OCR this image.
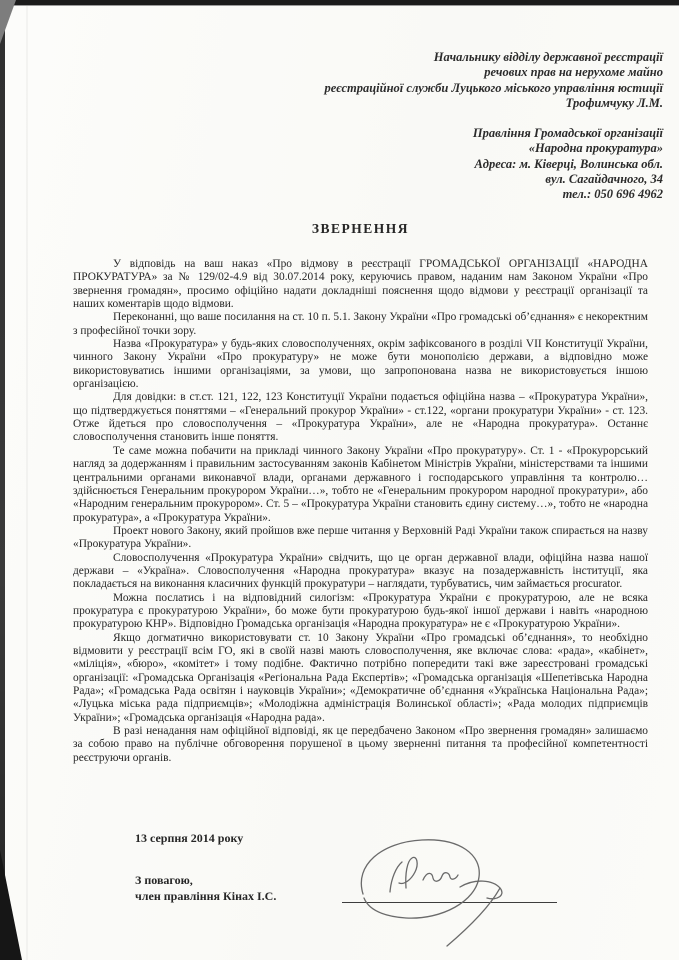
Начальнику відділу державної реєстрації
речових прав на нерухоме майно
реєстраційної служби Луцького міського управління юстиції
Трофимчуку Л.М.
Правління Громадської організації
«Народна прокуратура»
Адреса: м. Ківерці, Волинська обл.
вул. Сагайдачного, 34
тел.: 050 696 4962
ЗВЕРНЕННЯ

У відповідь на ваш наказ «Про відмову в реєстрації ГРОМАДСЬКОЇ ОРГАНІЗАЦІЇ «НАРОДНА ПРОКУРАТУРА» за № 129/02-4.9 від 30.07.2014 року, керуючись правом, наданим нам Законом України «Про звернення громадян», просимо офіційно надати докладніші пояснення щодо відмови у реєстрації організації та наших коментарів щодо відмови.

Переконанні, що ваше посилання на ст. 10 п. 5.1. Закону України «Про громадські об’єднання» є некоректним з професійної точки зору.

Назва «Прокуратура» у будь-яких словосполученнях, окрім зафіксованого в розділі VII Конституції України, чинного Закону України «Про прокуратуру» не може бути монополією держави, а відповідно може використовуватись іншими організаціями, за умови, що запропонована назва не використовується іншою організацією.

Для довідки: в ст.ст. 121, 122, 123 Конституції України подається офіційна назва – «Прокуратура України», що підтверджується поняттями – «Генеральний прокурор України» - ст.122, «органи прокуратури України» - ст. 123. Отже йдеться про словосполучення – «Прокуратура України», але не «Народна прокуратура». Останнє словосполучення становить інше поняття.

Те саме можна побачити на прикладі чинного Закону України «Про прокуратуру». Ст. 1 - «Прокурорський нагляд за додержанням і правильним застосуванням законів Кабінетом Міністрів України, міністерствами та іншими центральними органами виконавчої влади, органами державного і господарського управління та контролю…здійснюється Генеральним прокурором України…», тобто не «Генеральним прокурором народної прокуратури», або «Народним генеральним прокурором». Ст. 5 – «Прокуратура України становить єдину систему…», тобто не «народна прокуратура», а «Прокуратура України».

Проект нового Закону, який пройшов вже перше читання у Верховній Раді України також спирається на назву «Прокуратура України».

Словосполучення «Прокуратура України» свідчить, що це орган державної влади, офіційна назва нашої держави – «Україна». Словосполучення «Народна прокуратура» вказує на позадержавність інституції, яка покладається на виконання класичних функцій прокуратури – наглядати, турбуватись, чим займається procurator.

Можна послатись і на відповідний силогізм: «Прокуратура України є прокуратурою, але не всяка прокуратура є прокуратурою України», бо може бути прокуратурою будь-якої іншої держави і навіть «народною прокуратурою КНР». Відповідно Громадська організація «Народна прокуратура» не є «Прокуратурою України».

Якщо догматично використовувати ст. 10 Закону України «Про громадські об’єднання», то необхідно відмовити у реєстрації всім ГО, які в своїй назві мають словосполучення, яке включає слова: «рада», «кабінет», «міліція», «бюро», «комітет» і тому подібне. Фактично потрібно попередити такі вже зареєстровані громадські організації: «Громадська Організація «Регіональна Рада Експертів»; «Громадська організація «Шепетівська Народна Рада»; «Громадська Рада освітян і науковців України»; «Демократичне об’єднання «Українська Національна Рада»; «Луцька міська рада підприємців»; «Молодіжна адміністрація Волинської області»; «Рада молодих підприємців України»; «Громадська організація «Народна рада».

В разі ненадання нам офіційної відповіді, як це передбачено Законом «Про звернення громадян» залишаємо за собою право на публічне обговорення порушеної в цьому зверненні питання та професійної компетентності реєструючи органів.

13 серпня 2014 року
З повагою,
член правління Кінах І.С.
